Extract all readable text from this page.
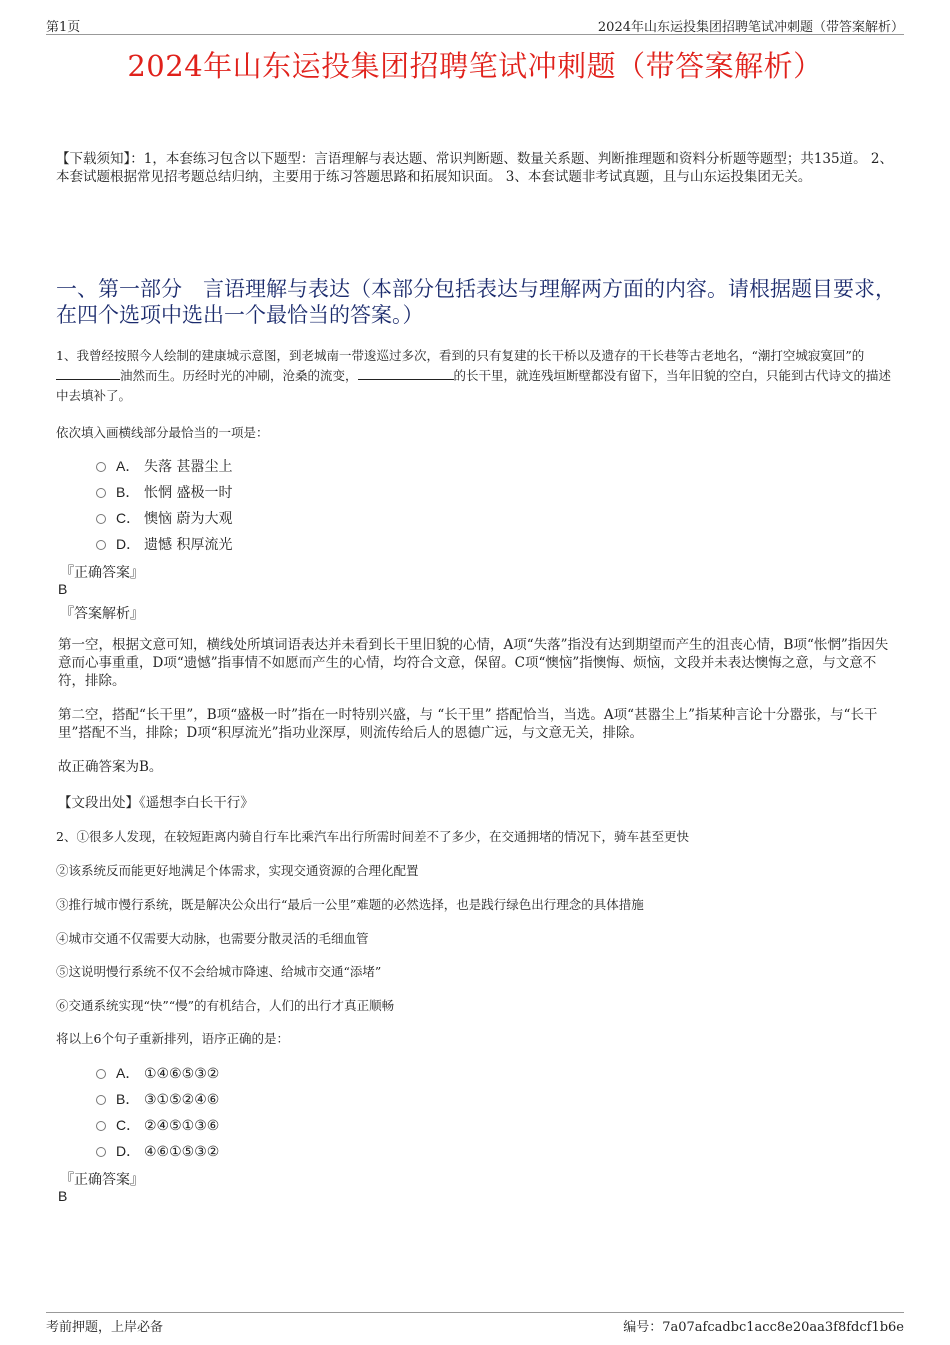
第1页	2024年山东运投集团招聘笔试冲刺题（带答案解析）
2024年山东运投集团招聘笔试冲刺题（带答案解析）
【下载须知】：1，本套练习包含以下题型：言语理解与表达题、常识判断题、数量关系题、判断推理题和资料分析题等题型；共135道。 2、本套试题根据常见招考题总结归纳，主要用于练习答题思路和拓展知识面。 3、本套试题非考试真题，且与山东运投集团无关。
一、第一部分　言语理解与表达（本部分包括表达与理解两方面的内容。请根据题目要求，在四个选项中选出一个最恰当的答案。）
1、我曾经按照今人绘制的建康城示意图，到老城南一带逡巡过多次，看到的只有复建的长干桥以及遗存的干长巷等古老地名，“潮打空城寂寞回”的油然而生。历经时光的冲刷，沧桑的流变，	的长干里，就连残垣断壁都没有留下，当年旧貌的空白，只能到古代诗文的描述中去填补了。
依次填入画横线部分最恰当的一项是：
A． 失落 甚嚣尘上
B． 怅惘 盛极一时
C． 懊恼 蔚为大观
D． 遗憾 积厚流光
『正确答案』
B
『答案解析』
第一空，根据文意可知，横线处所填词语表达并未看到长干里旧貌的心情，A项“失落”指没有达到期望而产生的沮丧心情，B项“怅惘”指因失意而心事重重，D项“遗憾”指事情不如愿而产生的心情，均符合文意，保留。C项“懊恼”指懊悔、烦恼，文段并未表达懊悔之意，与文意不符，排除。
第二空，搭配“长干里”，B项“盛极一时”指在一时特别兴盛，与 “长干里” 搭配恰当，当选。A项“甚嚣尘上”指某种言论十分嚣张，与“长干里”搭配不当，排除；D项“积厚流光”指功业深厚，则流传给后人的恩德广远，与文意无关，排除。
故正确答案为B。
【文段出处】《遥想李白长干行》
2、①很多人发现，在较短距离内骑自行车比乘汽车出行所需时间差不了多少，在交通拥堵的情况下，骑车甚至更快
②该系统反而能更好地满足个体需求，实现交通资源的合理化配置
③推行城市慢行系统，既是解决公众出行“最后一公里”难题的必然选择，也是践行绿色出行理念的具体措施
④城市交通不仅需要大动脉，也需要分散灵活的毛细血管
⑤这说明慢行系统不仅不会给城市降速、给城市交通“添堵”
⑥交通系统实现“快”“慢”的有机结合，人们的出行才真正顺畅
将以上6个句子重新排列，语序正确的是：
A． ①④⑥⑤③②
B． ③①⑤②④⑥
C． ②④⑤①③⑥
D． ④⑥①⑤③②
『正确答案』
B
考前押题，上岸必备	编号：7a07afcadbc1acc8e20aa3f8fdcf1b6e
